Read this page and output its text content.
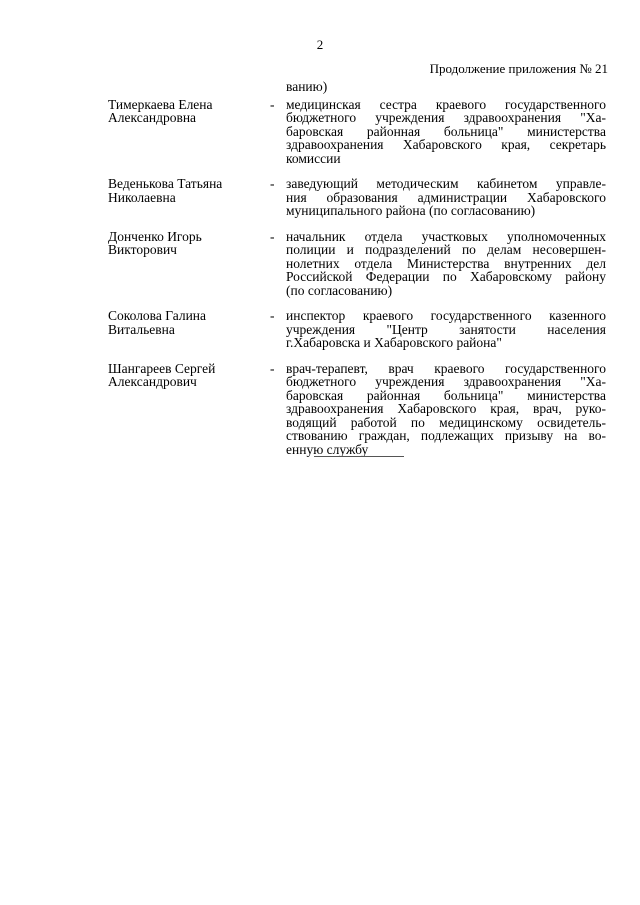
2
Продолжение приложения № 21
ванию)
Тимеркаева Елена
Александровна
- медицинская сестра краевого государственного
бюджетного учреждения здравоохранения "Ха-
баровская районная больница" министерства
здравоохранения Хабаровского края, секретарь
комиссии
Веденькова Татьяна
Николаевна
- заведующий методическим кабинетом управле-
ния образования администрации Хабаровского
муниципального района (по согласованию)
Донченко Игорь
Викторович
- начальник отдела участковых уполномоченных
полиции и подразделений по делам несовершен-
нолетних отдела Министерства внутренних дел
Российской Федерации по Хабаровскому району
(по согласованию)
Соколова Галина
Витальевна
- инспектор краевого государственного казенного
учреждения "Центр занятости населения
г.Хабаровска и Хабаровского района"
Шангареев Сергей
Александрович
- врач-терапевт, врач краевого государственного
бюджетного учреждения здравоохранения "Ха-
баровская районная больница" министерства
здравоохранения Хабаровского края, врач, руко-
водящий работой по медицинскому освидетель-
ствованию граждан, подлежащих призыву на во-
енную службу
